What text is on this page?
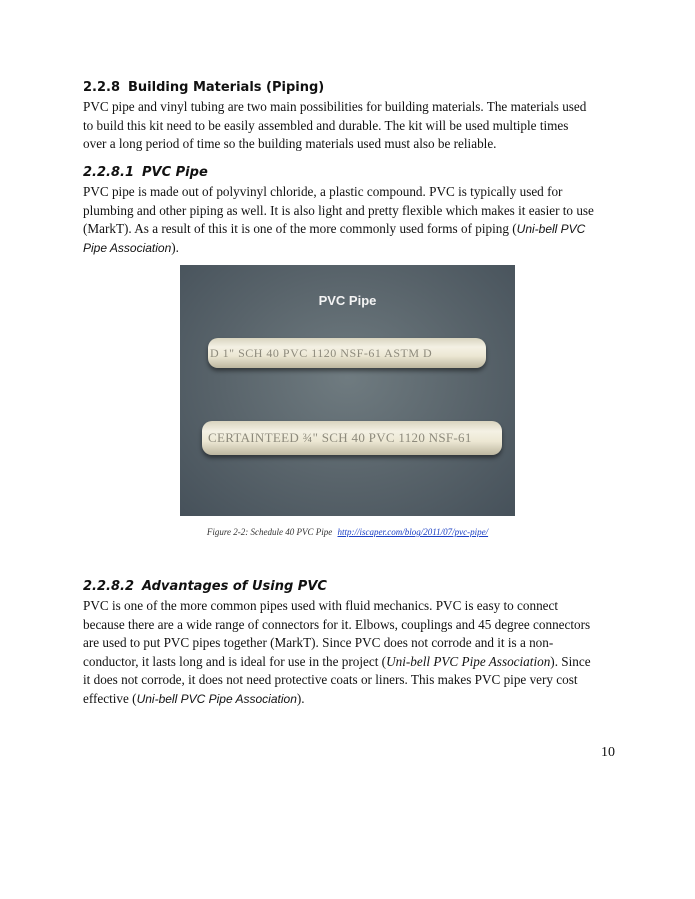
2.2.8 Building Materials (Piping)
PVC pipe and vinyl tubing are two main possibilities for building materials. The materials used
to build this kit need to be easily assembled and durable. The kit will be used multiple times
over a long period of time so the building materials used must also be reliable.
2.2.8.1 PVC Pipe
PVC pipe is made out of polyvinyl chloride, a plastic compound. PVC is typically used for
plumbing and other piping as well. It is also light and pretty flexible which makes it easier to use
(MarkT). As a result of this it is one of the more commonly used forms of piping (Uni-bell PVC
Pipe Association).
PVC Pipe
D 1" SCH 40 PVC 1120 NSF-61 ASTM D
CERTAINTEED ¾" SCH 40 PVC 1120 NSF-61
Figure 2-2: Schedule 40 PVC Pipe http://iscaper.com/blog/2011/07/pvc-pipe/
2.2.8.2 Advantages of Using PVC
PVC is one of the more common pipes used with fluid mechanics. PVC is easy to connect
because there are a wide range of connectors for it. Elbows, couplings and 45 degree connectors
are used to put PVC pipes together (MarkT). Since PVC does not corrode and it is a non-
conductor, it lasts long and is ideal for use in the project (Uni-bell PVC Pipe Association). Since
it does not corrode, it does not need protective coats or liners. This makes PVC pipe very cost
effective (Uni-bell PVC Pipe Association).
10
